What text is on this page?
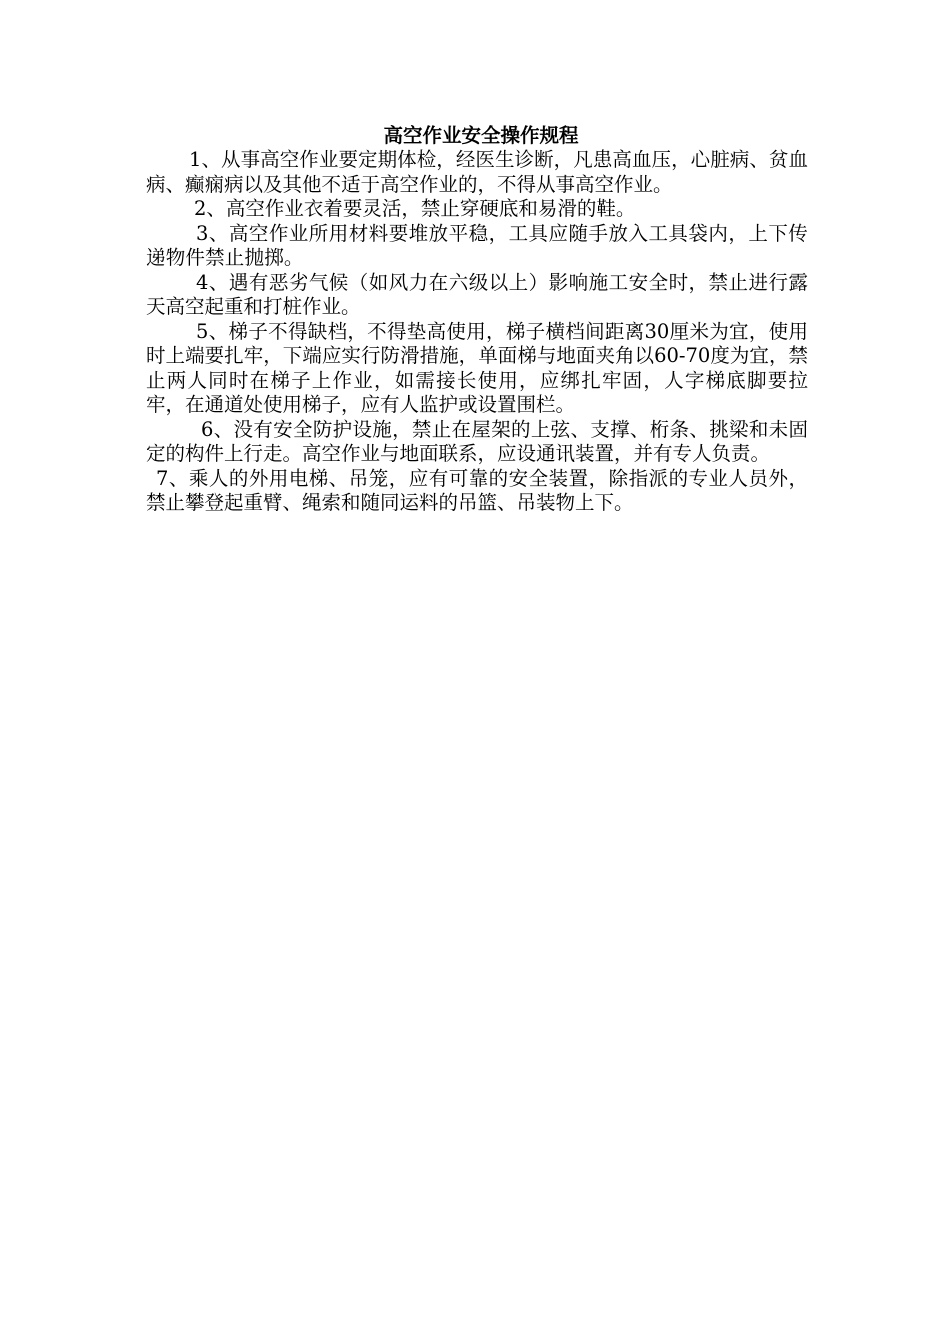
高空作业安全操作规程

1、从事高空作业要定期体检，经医生诊断，凡患高血压，心脏病、贫血病、癫痫病以及其他不适于高空作业的，不得从事高空作业。

2、高空作业衣着要灵活，禁止穿硬底和易滑的鞋。

3、高空作业所用材料要堆放平稳，工具应随手放入工具袋内，上下传递物件禁止抛掷。

4、遇有恶劣气候（如风力在六级以上）影响施工安全时，禁止进行露天高空起重和打桩作业。

5、梯子不得缺档，不得垫高使用，梯子横档间距离30厘米为宜，使用时上端要扎牢，下端应实行防滑措施，单面梯与地面夹角以60-70度为宜，禁止两人同时在梯子上作业，如需接长使用，应绑扎牢固，人字梯底脚要拉牢，在通道处使用梯子，应有人监护或设置围栏。

6、没有安全防护设施，禁止在屋架的上弦、支撑、桁条、挑梁和未固定的构件上行走。高空作业与地面联系，应设通讯装置，并有专人负责。

7、乘人的外用电梯、吊笼，应有可靠的安全装置，除指派的专业人员外，禁止攀登起重臂、绳索和随同运料的吊篮、吊装物上下。
